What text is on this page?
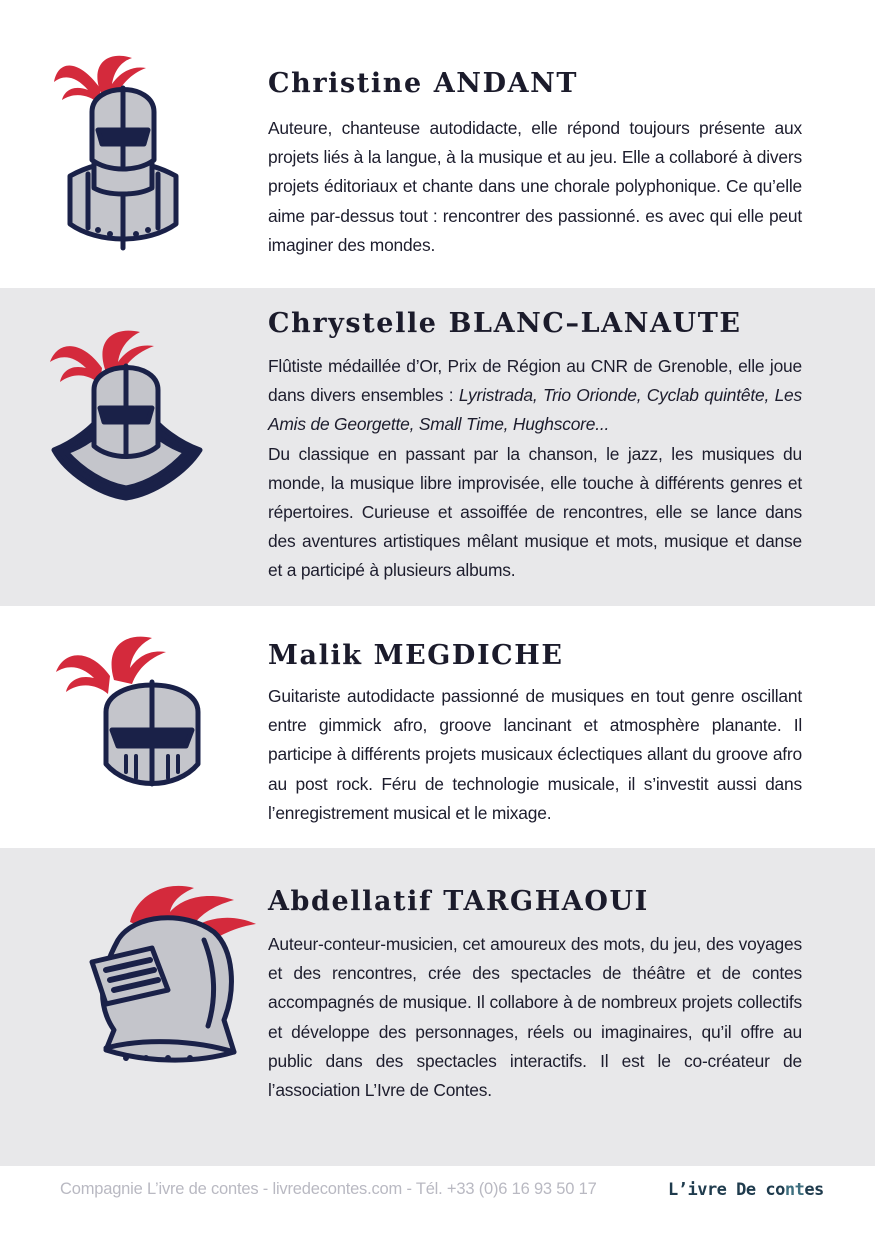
Christine ANDANT

Auteure, chanteuse autodidacte, elle répond toujours présente aux projets liés à la langue, à la musique et au jeu. Elle a collaboré à divers projets éditoriaux et chante dans une chorale polyphonique. Ce qu’elle aime par-dessus tout : rencontrer des passionné. es avec qui elle peut imaginer des mondes.

Chrystelle BLANC–LANAUTE

Flûtiste médaillée d’Or, Prix de Région au CNR de Grenoble, elle joue dans divers ensembles : Lyristrada, Trio Orionde, Cyclab quintête, Les Amis de Georgette, Small Time, Hughscore...
Du classique en passant par la chanson, le jazz, les musiques du monde, la musique libre improvisée, elle touche à différents genres et répertoires. Curieuse et assoiffée de rencontres, elle se lance dans des aventures artistiques mêlant musique et mots, musique et danse et a participé à plusieurs albums.

Malik MEGDICHE

Guitariste autodidacte passionné de musiques en tout genre oscillant entre gimmick afro, groove lancinant et atmosphère planante. Il participe à différents projets musicaux éclectiques allant du groove afro au post rock. Féru de technologie musicale, il s’investit aussi dans l’enregistrement musical et le mixage.

Abdellatif TARGHAOUI

Auteur-conteur-musicien, cet amoureux des mots, du jeu, des voyages et des rencontres, crée des spectacles de théâtre et de contes accompagnés de musique. Il collabore à de nombreux projets collectifs et développe des personnages, réels ou imaginaires, qu’il offre au public dans des spectacles interactifs. Il est le co-créateur de l’association L’Ivre de Contes.

Compagnie L’ivre de contes - livredecontes.com - Tél. +33 (0)6 16 93 50 17	L’ivre De contes
